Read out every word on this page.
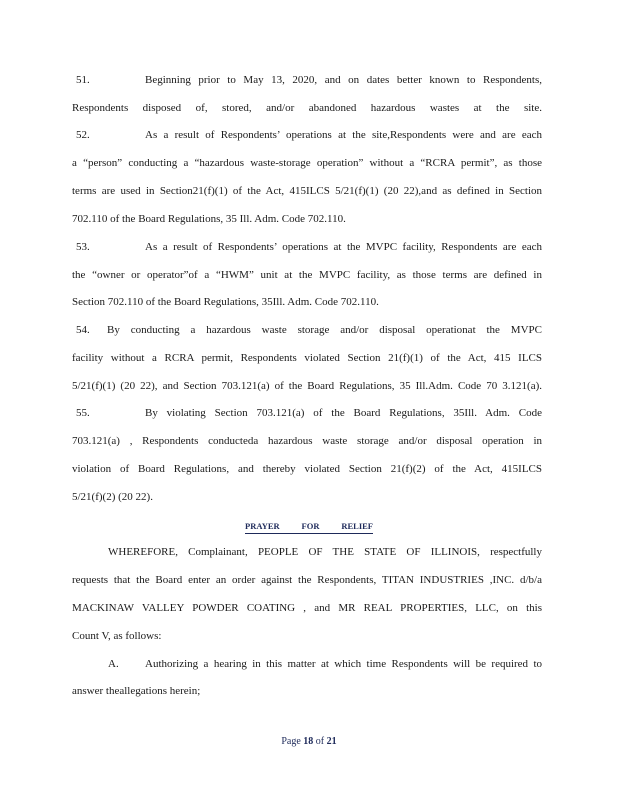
51.	Beginning prior to May 13, 2020, and on dates better known to Respondents,
Respondents disposed of, stored, and/or abandoned hazardous wastes at the site.
52.	As a result of Respondents’ operations at the site,Respondents were and are each
a “person” conducting a “hazardous waste-storage operation” without a “RCRA permit”, as those
terms are used in Section21(f)(1) of the Act, 415ILCS 5/21(f)(1) (20 22),and as defined in Section
702.110 of the Board Regulations, 35 Ill. Adm. Code 702.110.
53.	As a result of Respondents’ operations at the MVPC facility, Respondents are each
the “owner or operator”of a “HWM” unit at the MVPC facility, as those terms are defined in
Section 702.110 of the Board Regulations, 35Ill. Adm. Code 702.110.
54. By conducting a hazardous waste storage and/or disposal operationat the MVPC
facility without a RCRA permit, Respondents violated Section 21(f)(1) of the Act, 415 ILCS
5/21(f)(1) (20 22), and Section 703.121(a) of the Board Regulations, 35 Ill.Adm. Code 70 3.121(a).
55.	By violating Section 703.121(a) of the Board Regulations, 35Ill. Adm. Code
703.121(a) , Respondents conducteda hazardous waste storage and/or disposal operation in
violation of Board Regulations, and thereby violated Section 21(f)(2) of the Act, 415ILCS
5/21(f)(2) (20 22).
PRAYER FOR RELIEF
WHEREFORE, Complainant, PEOPLE OF THE STATE OF ILLINOIS, respectfully
requests that the Board enter an order against the Respondents, TITAN INDUSTRIES ,INC. d/b/a
MACKINAW VALLEY POWDER COATING , and MR REAL PROPERTIES, LLC, on this
Count V, as follows:
A. Authorizing a hearing in this matter at which time Respondents will be required to
answer theallegations herein;
Page 18 of 21
